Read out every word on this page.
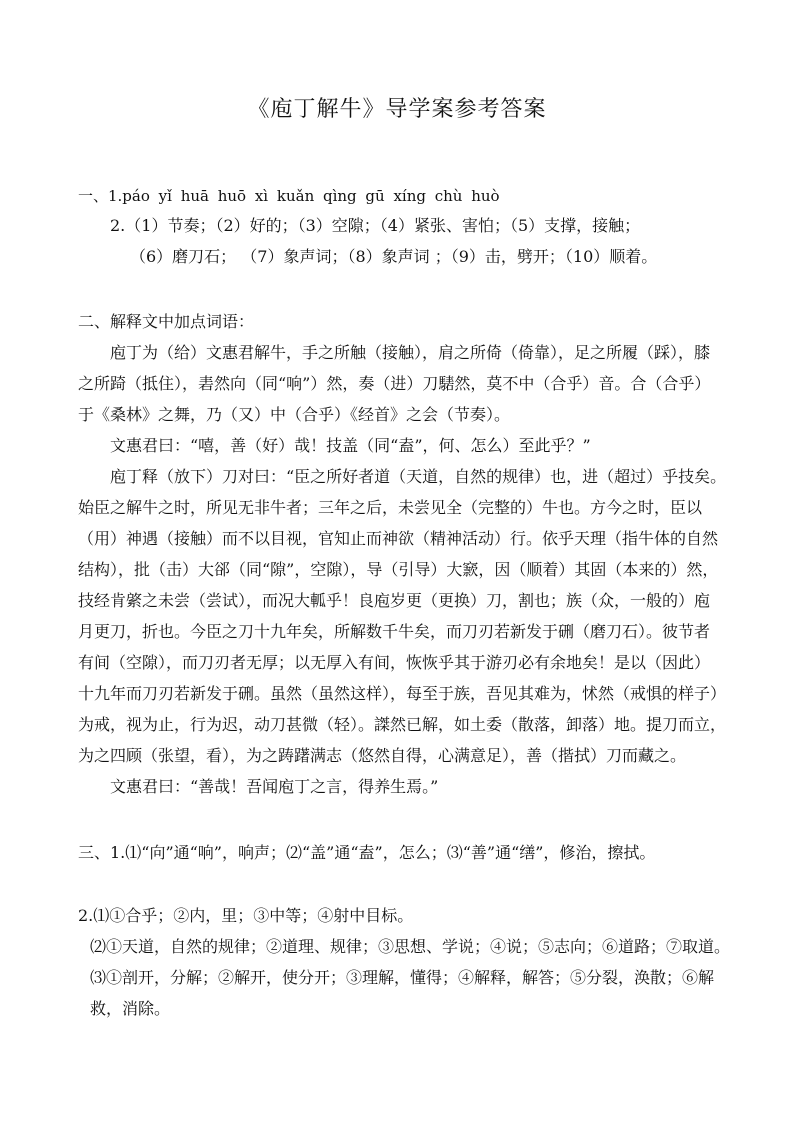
《庖丁解牛》导学案参考答案
一、1.páo yǐ huā huō xì kuǎn qìng gū xíng chù huò
2.（1）节奏；（2）好的；（3）空隙；（4）紧张、害怕；（5）支撑，接触；
（6）磨刀石； （7）象声词；（8）象声词 ；（9）击，劈开；（10）顺着。
二、解释文中加点词语：
庖丁为（给）文惠君解牛，手之所触（接触），肩之所倚（倚靠），足之所履（踩），膝
之所踦（抵住），砉然向（同“响”）然，奏（进）刀騞然，莫不中（合乎）音。合（合乎）
于《桑林》之舞，乃（又）中（合乎）《经首》之会（节奏）。
文惠君曰：“嘻，善（好）哉！技盖（同“盍”，何、怎么）至此乎？”
庖丁释（放下）刀对曰：“臣之所好者道（天道，自然的规律）也，进（超过）乎技矣。
始臣之解牛之时，所见无非牛者；三年之后，未尝见全（完整的）牛也。方今之时，臣以
（用）神遇（接触）而不以目视，官知止而神欲（精神活动）行。依乎天理（指牛体的自然
结构），批（击）大郤（同“隙”，空隙），导（引导）大窾，因（顺着）其固（本来的）然，
技经肯綮之未尝（尝试），而况大軱乎！良庖岁更（更换）刀，割也；族（众，一般的）庖
月更刀，折也。今臣之刀十九年矣，所解数千牛矣，而刀刃若新发于硎（磨刀石）。彼节者
有间（空隙），而刀刃者无厚；以无厚入有间，恢恢乎其于游刃必有余地矣！是以（因此）
十九年而刀刃若新发于硎。虽然（虽然这样），每至于族，吾见其难为，怵然（戒惧的样子）
为戒，视为止，行为迟，动刀甚微（轻）。謋然已解，如土委（散落，卸落）地。提刀而立，
为之四顾（张望，看），为之踌躇满志（悠然自得，心满意足），善（揩拭）刀而藏之。
文惠君曰：“善哉！吾闻庖丁之言，得养生焉。”
三、1.⑴“向”通“响”，响声；⑵“盖”通“盍”，怎么；⑶“善”通“缮”，修治，擦拭。
2.⑴①合乎；②内，里；③中等；④射中目标。
⑵①天道，自然的规律；②道理、规律；③思想、学说；④说；⑤志向；⑥道路；⑦取道。
⑶①剖开，分解；②解开，使分开；③理解，懂得；④解释，解答；⑤分裂，涣散；⑥解
救，消除。
